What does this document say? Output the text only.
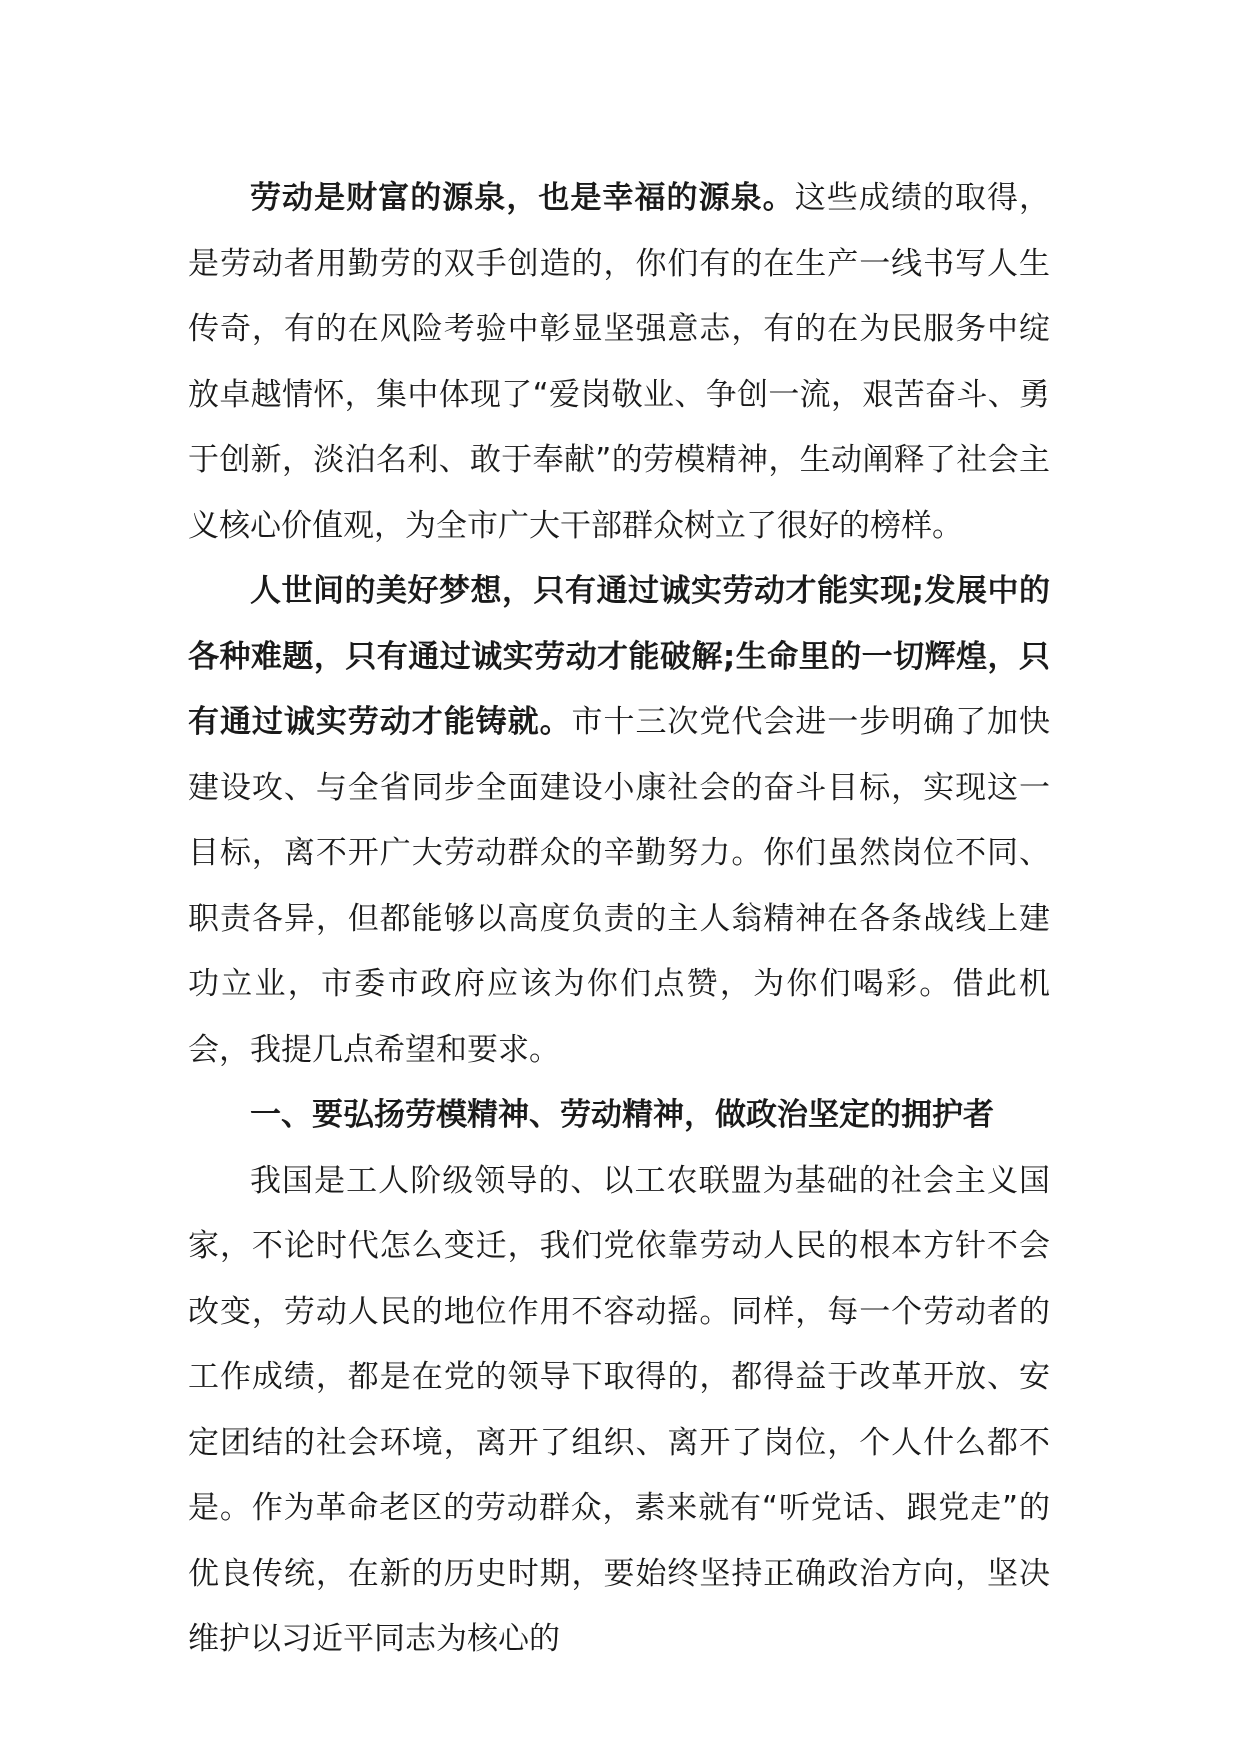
劳动是财富的源泉，也是幸福的源泉。这些成绩的取得，是劳动者用勤劳的双手创造的，你们有的在生产一线书写人生传奇，有的在风险考验中彰显坚强意志，有的在为民服务中绽放卓越情怀，集中体现了“爱岗敬业、争创一流，艰苦奋斗、勇于创新，淡泊名利、敢于奉献”的劳模精神，生动阐释了社会主义核心价值观，为全市广大干部群众树立了很好的榜样。

人世间的美好梦想，只有通过诚实劳动才能实现;发展中的各种难题，只有通过诚实劳动才能破解;生命里的一切辉煌，只有通过诚实劳动才能铸就。市十三次党代会进一步明确了加快建设攻、与全省同步全面建设小康社会的奋斗目标，实现这一目标，离不开广大劳动群众的辛勤努力。你们虽然岗位不同、职责各异，但都能够以高度负责的主人翁精神在各条战线上建功立业，市委市政府应该为你们点赞，为你们喝彩。借此机会，我提几点希望和要求。

一、要弘扬劳模精神、劳动精神，做政治坚定的拥护者

我国是工人阶级领导的、以工农联盟为基础的社会主义国家，不论时代怎么变迁，我们党依靠劳动人民的根本方针不会改变，劳动人民的地位作用不容动摇。同样，每一个劳动者的工作成绩，都是在党的领导下取得的，都得益于改革开放、安定团结的社会环境，离开了组织、离开了岗位，个人什么都不是。作为革命老区的劳动群众，素来就有“听党话、跟党走”的优良传统，在新的历史时期，要始终坚持正确政治方向，坚决维护以习近平同志为核心的
